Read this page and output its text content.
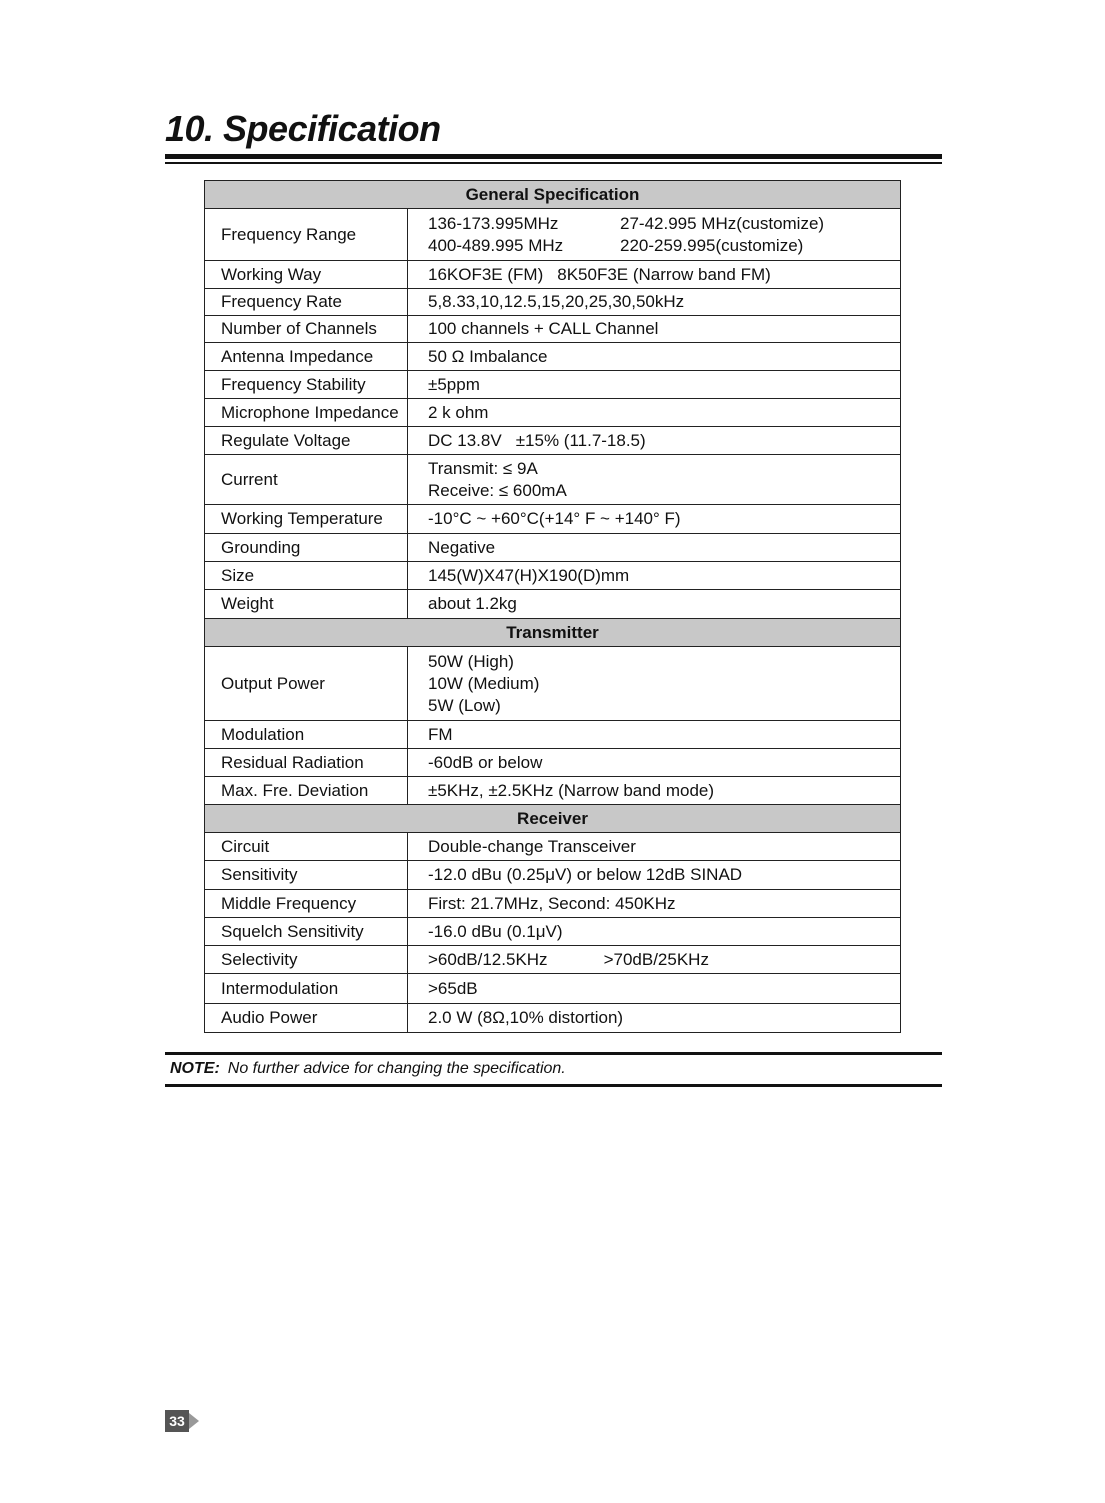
10. Specification
General Specification	
Frequency Range	136-173.995MHz 27-42.995 MHz(customize)
400-489.995 MHz 220-259.995(customize)

Working Way	16KOF3E (FM) 8K50F3E (Narrow band FM)
Frequency Rate	5,8.33,10,12.5,15,20,25,30,50kHz
Number of Channels	100 channels + CALL Channel
Antenna Impedance	50 Ω Imbalance
Frequency Stability	±5ppm
Microphone Impedance	2 k ohm
Regulate Voltage	DC 13.8V ±15% (11.7-18.5)
Current	Transmit: ≤ 9A
Receive: ≤ 600mA

Working Temperature	-10°C ~ +60°C(+14° F ~ +140° F)
Grounding	Negative
Size	145(W)X47(H)X190(D)mm
Weight	about 1.2kg
Transmitter	
Output Power	50W (High)
10W (Medium)
5W (Low)

Modulation	FM
Residual Radiation	-60dB or below
Max. Fre. Deviation	±5KHz, ±2.5KHz (Narrow band mode)
Receiver	
Circuit	Double-change Transceiver
Sensitivity	-12.0 dBu (0.25μV) or below 12dB SINAD
Middle Frequency	First: 21.7MHz, Second: 450KHz
Squelch Sensitivity	-16.0 dBu (0.1μV)
Selectivity	>60dB/12.5KHz >70dB/25KHz
Intermodulation	>65dB
Audio Power	2.0 W (8Ω,10% distortion)

NOTE: No further advice for changing the specification.

33
